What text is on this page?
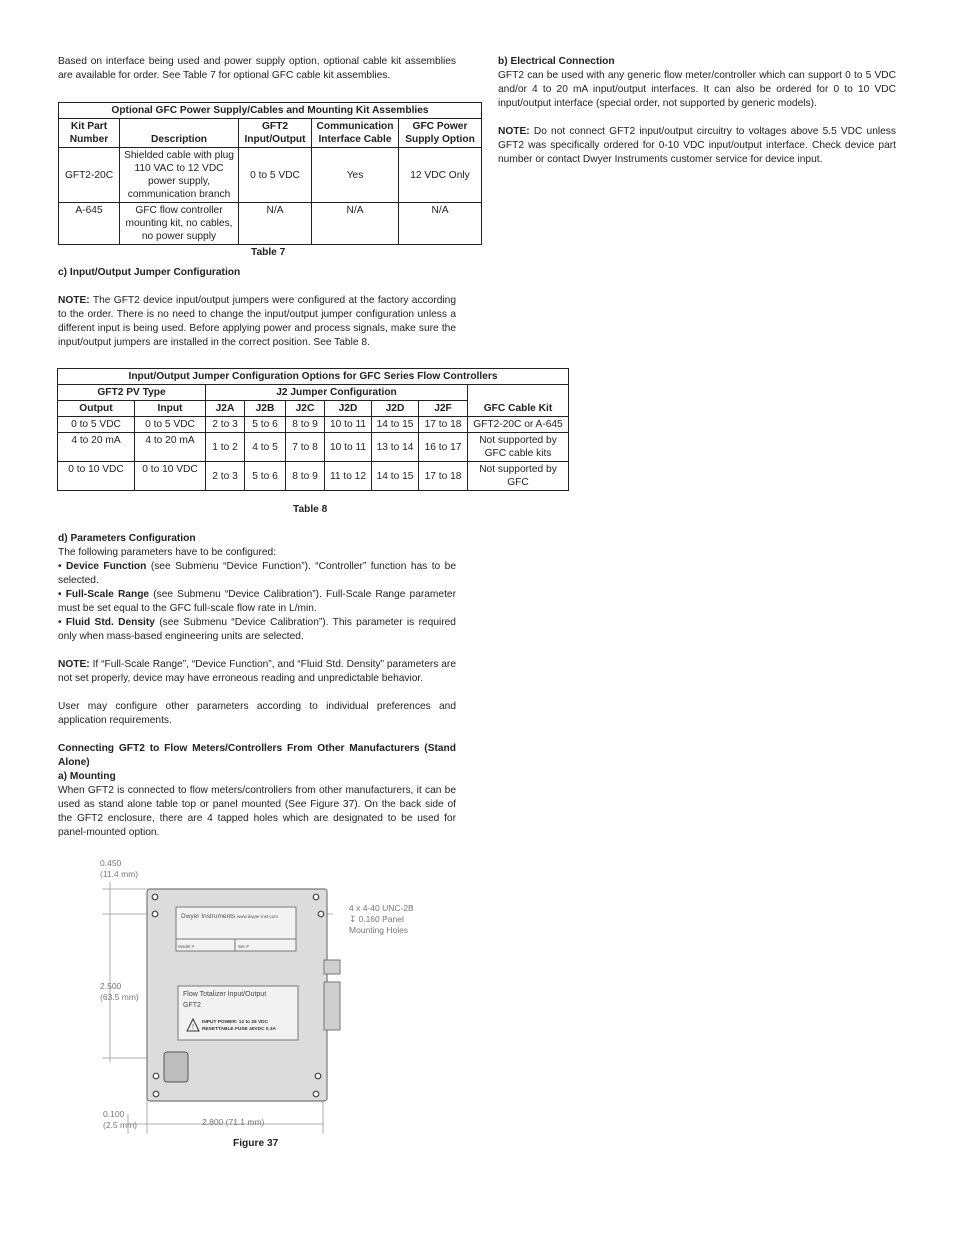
Based on interface being used and power supply option, optional cable kit assemblies are available for order. See Table 7 for optional GFC cable kit assemblies.

Optional GFC Power Supply/Cables and Mounting Kit Assemblies				
Kit Part Number	Description	GFT2 Input/Output	Communication Interface Cable	GFC Power Supply Option
GFT2-20C	Shielded cable with plug 110 VAC to 12 VDC power supply, communication branch	0 to 5 VDC	Yes	12 VDC Only
A-645	GFC flow controller mounting kit, no cables, no power supply	N/A	N/A	N/A
Table 7
c) Input/Output Jumper Configuration

NOTE: The GFT2 device input/output jumpers were configured at the factory according to the order. There is no need to change the input/output jumper configuration unless a different input is being used. Before applying power and process signals, make sure the input/output jumpers are installed in the correct position. See Table 8.

Input/Output Jumper Configuration Options for GFC Series Flow Controllers								
GFT2 PV Type		J2 Jumper Configuration						
Output	Input	J2A	J2B	J2C	J2D	J2D	J2F	GFC Cable Kit
0 to 5 VDC	0 to 5 VDC	2 to 3	5 to 6	8 to 9	10 to 11	14 to 15	17 to 18	GFT2-20C or A-645
4 to 20 mA	4 to 20 mA	1 to 2	4 to 5	7 to 8	10 to 11	13 to 14	16 to 17	Not supported by GFC cable kits
0 to 10 VDC	0 to 10 VDC	2 to 3	5 to 6	8 to 9	11 to 12	14 to 15	17 to 18	Not supported by GFC
Table 8
d) Parameters Configuration

The following parameters have to be configured:

• Device Function (see Submenu “Device Function”). “Controller” function has to be selected.

• Full-Scale Range (see Submenu “Device Calibration”). Full-Scale Range parameter must be set equal to the GFC full-scale flow rate in L/min.

• Fluid Std. Density (see Submenu “Device Calibration”). This parameter is required only when mass-based engineering units are selected.

NOTE: If “Full-Scale Range”, “Device Function”, and “Fluid Std. Density” parameters are not set properly, device may have erroneous reading and unpredictable behavior.

User may configure other parameters according to individual preferences and application requirements.

Connecting GFT2 to Flow Meters/Controllers From Other Manufacturers (Stand Alone)

a) Mounting

When GFT2 is connected to flow meters/controllers from other manufacturers, it can be used as stand alone table top or panel mounted (See Figure 37). On the back side of the GFT2 enclosure, there are 4 tapped holes which are designated to be used for panel-mounted option.

!
0.450
(11.4 mm)
2.500
(63.5 mm)
0.100
(2.5 mm)	2.800 (71.1 mm)
4 x 4-40 UNC-2B
↧ 0.160 Panel
Mounting Holes
Dwyer Instruments www.dwyer-inst.com
Model #	Ser #
Flow Totalizer Input/Output
GFT2
INPUT POWER: 12 to 26 VDC
RESETTABLE FUSE 40VDC 0.3A
Figure 37
b) Electrical Connection

GFT2 can be used with any generic flow meter/controller which can support 0 to 5 VDC and/or 4 to 20 mA input/output interfaces. It can also be ordered for 0 to 10 VDC input/output interface (special order, not supported by generic models).

NOTE: Do not connect GFT2 input/output circuitry to voltages above 5.5 VDC unless GFT2 was specifically ordered for 0-10 VDC input/output interface. Check device part number or contact Dwyer Instruments customer service for device input.
